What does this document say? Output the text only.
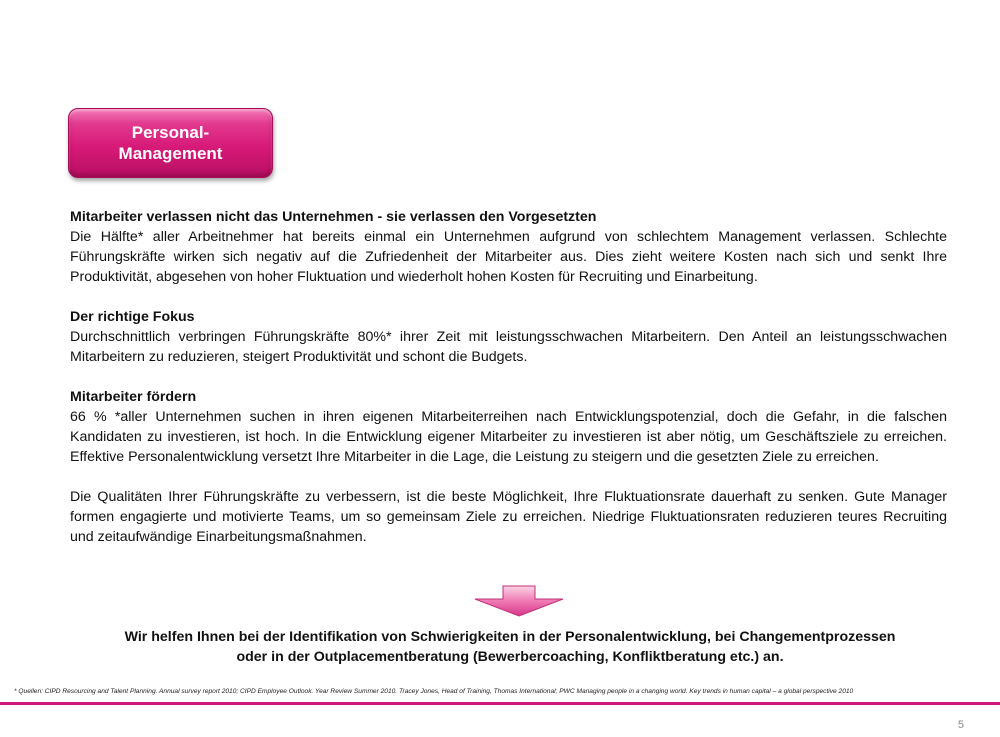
Personal-
Management
Mitarbeiter verlassen nicht das Unternehmen - sie verlassen den Vorgesetzten

Die Hälfte* aller Arbeitnehmer hat bereits einmal ein Unternehmen aufgrund von schlechtem Management verlassen. Schlechte Führungskräfte wirken sich negativ auf die Zufriedenheit der Mitarbeiter aus. Dies zieht weitere Kosten nach sich und senkt Ihre Produktivität, abgesehen von hoher Fluktuation und wiederholt hohen Kosten für Recruiting und Einarbeitung.

Der richtige Fokus

Durchschnittlich verbringen Führungskräfte 80%* ihrer Zeit mit leistungsschwachen Mitarbeitern. Den Anteil an leistungsschwachen Mitarbeitern zu reduzieren, steigert Produktivität und schont die Budgets.

Mitarbeiter fördern

66 % *aller Unternehmen suchen in ihren eigenen Mitarbeiterreihen nach Entwicklungspotenzial, doch die Gefahr, in die falschen Kandidaten zu investieren, ist hoch. In die Entwicklung eigener Mitarbeiter zu investieren ist aber nötig, um Geschäftsziele zu erreichen. Effektive Personalentwicklung versetzt Ihre Mitarbeiter in die Lage, die Leistung zu steigern und die gesetzten Ziele zu erreichen.

Die Qualitäten Ihrer Führungskräfte zu verbessern, ist die beste Möglichkeit, Ihre Fluktuationsrate dauerhaft zu senken. Gute Manager formen engagierte und motivierte Teams, um so gemeinsam Ziele zu erreichen. Niedrige Fluktuationsraten reduzieren teures Recruiting und zeitaufwändige Einarbeitungsmaßnahmen.

Wir helfen Ihnen bei der Identifikation von Schwierigkeiten in der Personalentwicklung, bei Changementprozessen
oder in der Outplacementberatung (Bewerbercoaching, Konfliktberatung etc.) an.
* Quellen: CIPD Resourcing and Talent Planning. Annual survey report 2010; CIPD Employee Outlook. Year Review Summer 2010. Tracey Jones, Head of Training, Thomas International; PWC Managing people in a changing world. Key trends in human capital – a global perspective 2010
5
